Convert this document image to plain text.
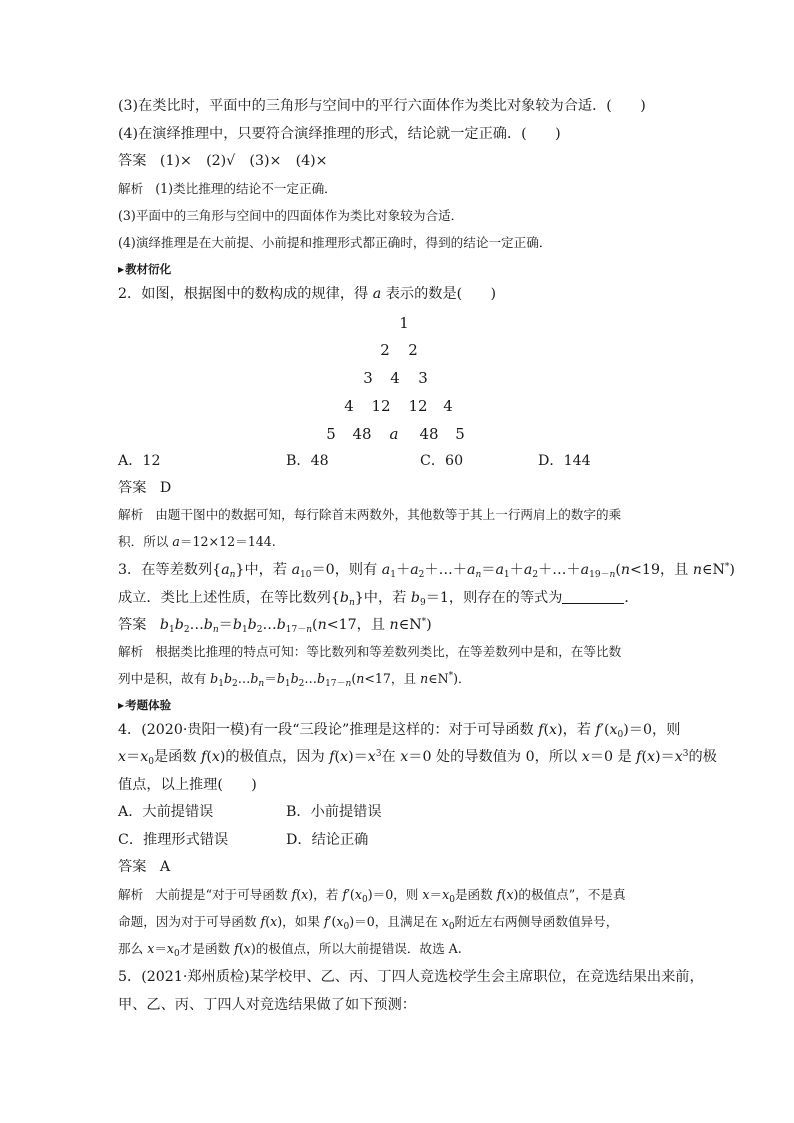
(3)在类比时，平面中的三角形与空间中的平行六面体作为类比对象较为合适．(　　)
(4)在演绎推理中，只要符合演绎推理的形式，结论就一定正确．(　　)
答案 (1)×　(2)√　(3)×　(4)×
解析 (1)类比推理的结论不一定正确．
(3)平面中的三角形与空间中的四面体作为类比对象较为合适．
(4)演绎推理是在大前提、小前提和推理形式都正确时，得到的结论一定正确．
▶ 教材衍化
2．如图，根据图中的数构成的规律，得 a 表示的数是(　　)
1
2	2
3	4	3
4	12	12	4
5	48	a	48	5
A．12	B．48	C．60	D．144
答案 D
解析 由题干图中的数据可知，每行除首末两数外，其他数等于其上一行两肩上的数字的乘
积．所以 a＝12×12＝144.
3．在等差数列$\{a_n\}$中，若 $a_{10}=0$，则有 $a_1+a_2+\dots+a_n=a_1+a_2+\dots+a_{19-n}(n<19$，且 n∈N*)
成立．类比上述性质，在等比数列$\{b_n\}$中，若 $b_9=1$，则存在的等式为	．
答案   $b_1b_2\dots b_n=b_1b_2\dots b_{17-n}(n<17$，且 n∈N*)
解析   根据类比推理的特点可知：等比数列和等差数列类比，在等差数列中是和，在等比数
列中是积，故有 $b_1b_2\dots b_n=b_1b_2\dots b_{17-n}(n<17$，且 n∈N*)．
▶ 考题体验
4．(2020·贵阳一模)有一段“三段论”推理是这样的：对于可导函数 f(x)，若 $f'(x_0)=0$，则
$x=x_0$是函数 f(x)的极值点，因为 $f(x)=x^3$在 x＝0 处的导数值为 0，所以 x＝0 是 $f(x)=x^3$的极
值点，以上推理(　　)
A．大前提错误	B．小前提错误
C．推理形式错误	D．结论正确
答案 A
解析   大前提是“对于可导函数 f(x)，若 $f'(x_0)=0$，则 $x=x_0$是函数 f(x)的极值点”，不是真
命题，因为对于可导函数 f(x)，如果 $f'(x_0)=0$，且满足在 $x_0$附近左右两侧导函数值异号，
那么 $x=x_0$才是函数 f(x)的极值点，所以大前提错误．故选 A.
5．(2021·郑州质检)某学校甲、乙、丙、丁四人竞选校学生会主席职位，在竞选结果出来前，
甲、乙、丙、丁四人对竞选结果做了如下预测：
